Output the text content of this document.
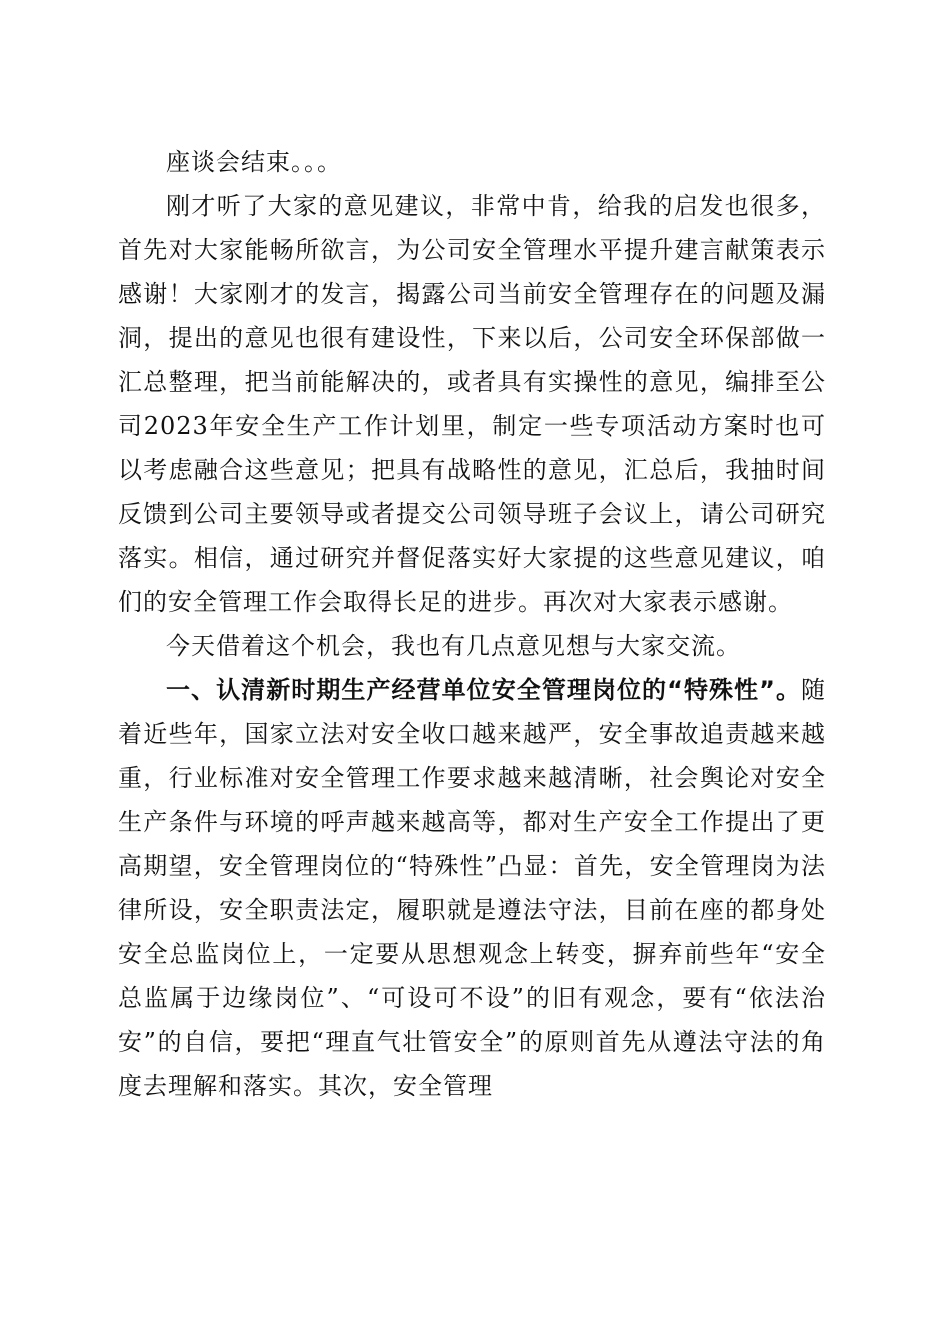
座谈会结束。。。

刚才听了大家的意见建议，非常中肯，给我的启发也很多，首先对大家能畅所欲言，为公司安全管理水平提升建言献策表示感谢！大家刚才的发言，揭露公司当前安全管理存在的问题及漏洞，提出的意见也很有建设性，下来以后，公司安全环保部做一汇总整理，把当前能解决的，或者具有实操性的意见，编排至公司2023年安全生产工作计划里，制定一些专项活动方案时也可以考虑融合这些意见；把具有战略性的意见，汇总后，我抽时间反馈到公司主要领导或者提交公司领导班子会议上，请公司研究落实。相信，通过研究并督促落实好大家提的这些意见建议，咱们的安全管理工作会取得长足的进步。再次对大家表示感谢。

今天借着这个机会，我也有几点意见想与大家交流。

一、认清新时期生产经营单位安全管理岗位的“特殊性”。随着近些年，国家立法对安全收口越来越严，安全事故追责越来越重，行业标准对安全管理工作要求越来越清晰，社会舆论对安全生产条件与环境的呼声越来越高等，都对生产安全工作提出了更高期望，安全管理岗位的“特殊性”凸显：首先，安全管理岗为法律所设，安全职责法定，履职就是遵法守法，目前在座的都身处安全总监岗位上，一定要从思想观念上转变，摒弃前些年“安全总监属于边缘岗位”、“可设可不设”的旧有观念，要有“依法治安”的自信，要把“理直气壮管安全”的原则首先从遵法守法的角度去理解和落实。其次，安全管理
